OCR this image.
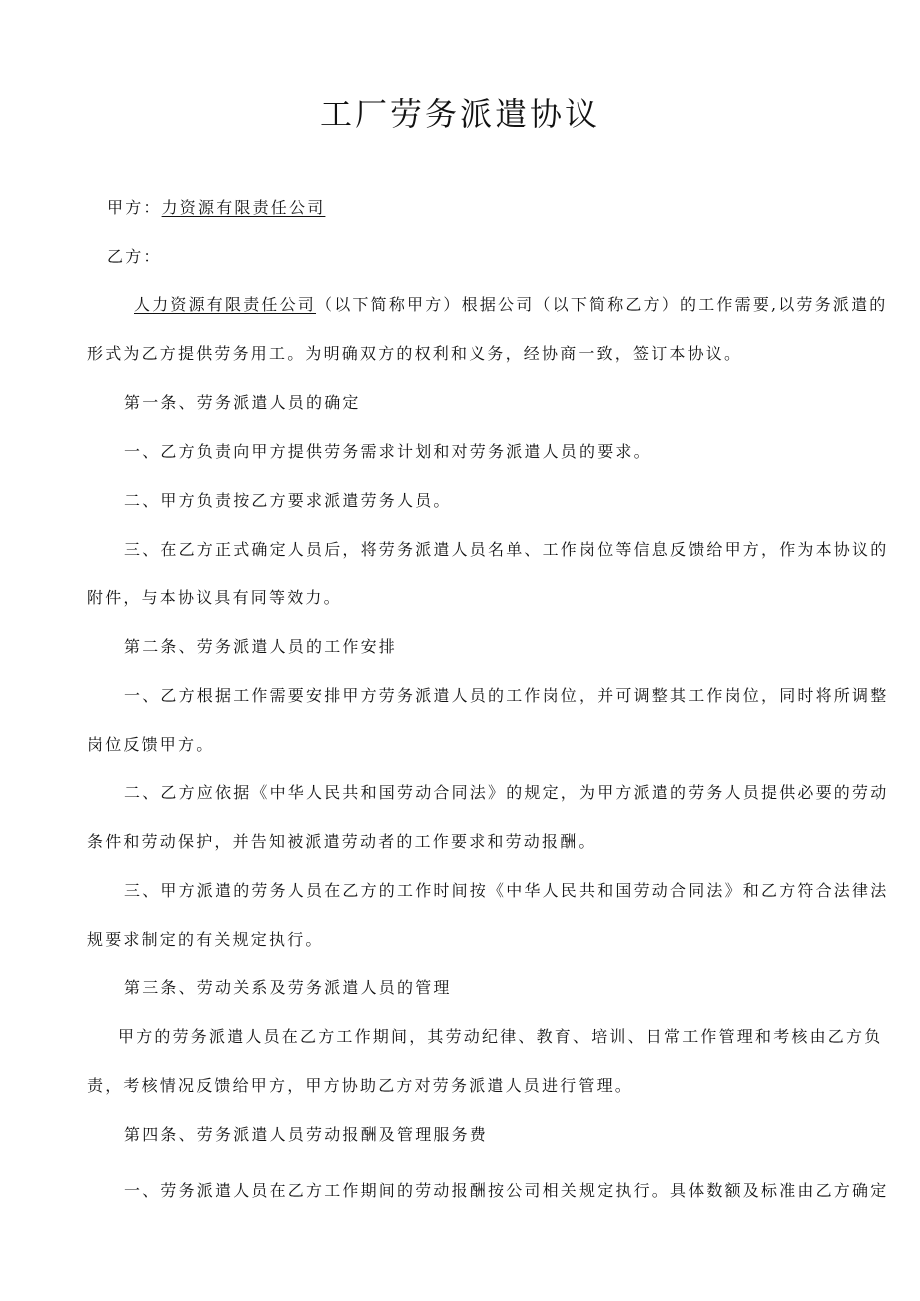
工厂劳务派遣协议
甲方：力资源有限责任公司
乙方：
人力资源有限责任公司（以下简称甲方）根据公司（以下简称乙方）的工作需要,以劳务派遣的
形式为乙方提供劳务用工。为明确双方的权利和义务，经协商一致，签订本协议。
第一条、劳务派遣人员的确定
一、乙方负责向甲方提供劳务需求计划和对劳务派遣人员的要求。
二、甲方负责按乙方要求派遣劳务人员。
三、在乙方正式确定人员后，将劳务派遣人员名单、工作岗位等信息反馈给甲方，作为本协议的
附件，与本协议具有同等效力。
第二条、劳务派遣人员的工作安排
一、乙方根据工作需要安排甲方劳务派遣人员的工作岗位，并可调整其工作岗位，同时将所调整
岗位反馈甲方。
二、乙方应依据《中华人民共和国劳动合同法》的规定，为甲方派遣的劳务人员提供必要的劳动
条件和劳动保护，并告知被派遣劳动者的工作要求和劳动报酬。
三、甲方派遣的劳务人员在乙方的工作时间按《中华人民共和国劳动合同法》和乙方符合法律法
规要求制定的有关规定执行。
第三条、劳动关系及劳务派遣人员的管理
甲方的劳务派遣人员在乙方工作期间，其劳动纪律、教育、培训、日常工作管理和考核由乙方负
责，考核情况反馈给甲方，甲方协助乙方对劳务派遣人员进行管理。
第四条、劳务派遣人员劳动报酬及管理服务费
一、劳务派遣人员在乙方工作期间的劳动报酬按公司相关规定执行。具体数额及标准由乙方确定
